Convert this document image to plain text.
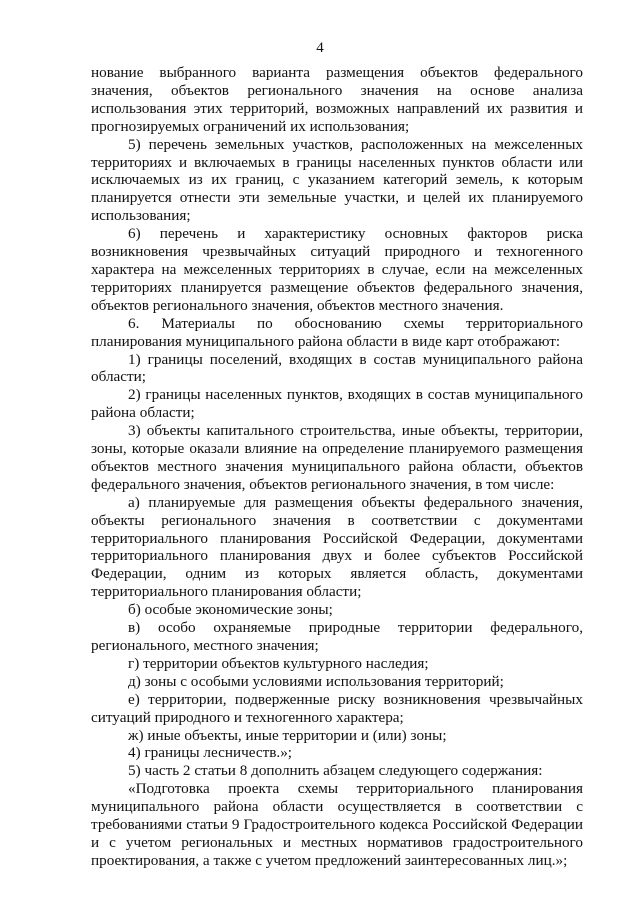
4

нование выбранного варианта размещения объектов федерального значения, объектов регионального значения на основе анализа использования этих территорий, возможных направлений их развития и прогнозируемых ограничений их использования;

5) перечень земельных участков, расположенных на межселенных территориях и включаемых в границы населенных пунктов области или исключаемых из их границ, с указанием категорий земель, к которым планируется отнести эти земельные участки, и целей их планируемого использования;

6) перечень и характеристику основных факторов риска возникновения чрезвычайных ситуаций природного и техногенного характера на межселенных территориях в случае, если на межселенных территориях планируется размещение объектов федерального значения, объектов регионального значения, объектов местного значения.

6. Материалы по обоснованию схемы территориального планирования муниципального района области в виде карт отображают:

1) границы поселений, входящих в состав муниципального района области;

2) границы населенных пунктов, входящих в состав муниципального района области;

3) объекты капитального строительства, иные объекты, территории, зоны, которые оказали влияние на определение планируемого размещения объектов местного значения муниципального района области, объектов федерального значения, объектов регионального значения, в том числе:

а) планируемые для размещения объекты федерального значения, объекты регионального значения в соответствии с документами территориального планирования Российской Федерации, документами территориального планирования двух и более субъектов Российской Федерации, одним из которых является область, документами территориального планирования области;

б) особые экономические зоны;

в) особо охраняемые природные территории федерального, регионального, местного значения;

г) территории объектов культурного наследия;

д) зоны с особыми условиями использования территорий;

е) территории, подверженные риску возникновения чрезвычайных ситуаций природного и техногенного характера;

ж) иные объекты, иные территории и (или) зоны;

4) границы лесничеств.»;

5) часть 2 статьи 8 дополнить абзацем следующего содержания:

«Подготовка проекта схемы территориального планирования муниципального района области осуществляется в соответствии с требованиями статьи 9 Градостроительного кодекса Российской Федерации и с учетом региональных и местных нормативов градостроительного проектирования, а также с учетом предложений заинтересованных лиц.»;
